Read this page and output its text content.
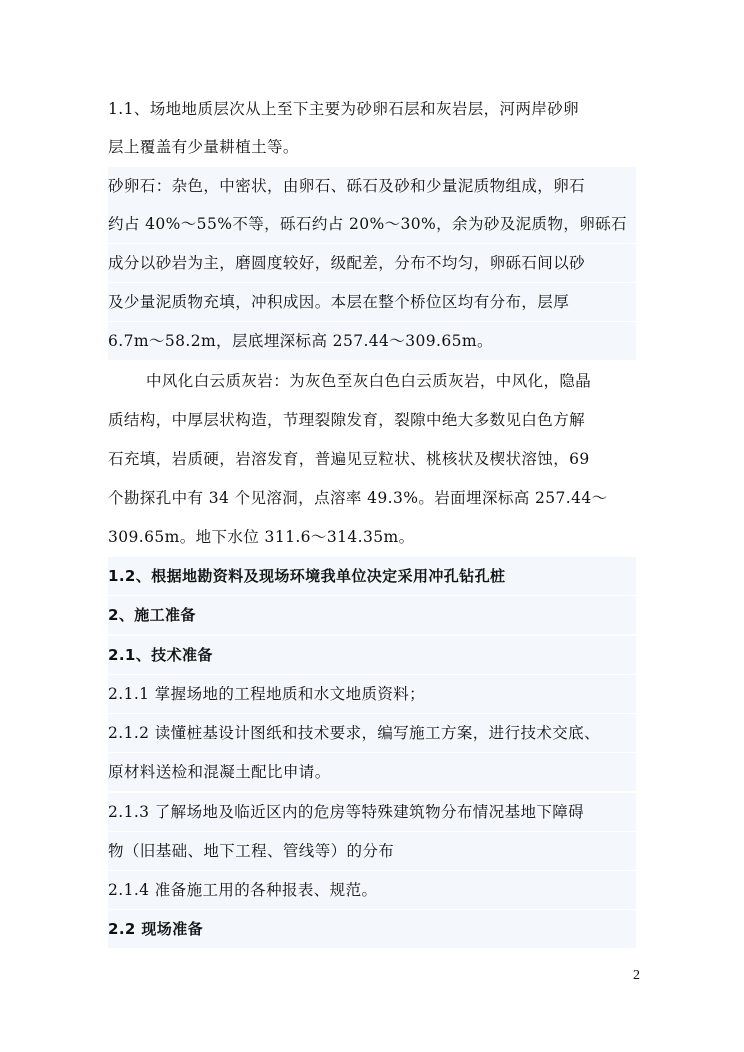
1.1、场地地质层次从上至下主要为砂卵石层和灰岩层，河两岸砂卵
层上覆盖有少量耕植土等。
砂卵石：杂色，中密状，由卵石、砾石及砂和少量泥质物组成，卵石
约占 40%～55%不等，砾石约占 20%～30%，余为砂及泥质物，卵砾石
成分以砂岩为主，磨圆度较好，级配差，分布不均匀，卵砾石间以砂
及少量泥质物充填，冲积成因。本层在整个桥位区均有分布，层厚
6.7m～58.2m，层底埋深标高 257.44～309.65m。
中风化白云质灰岩：为灰色至灰白色白云质灰岩，中风化，隐晶
质结构，中厚层状构造，节理裂隙发育，裂隙中绝大多数见白色方解
石充填，岩质硬，岩溶发育，普遍见豆粒状、桃核状及楔状溶蚀，69
个勘探孔中有 34 个见溶洞，点溶率 49.3%。岩面埋深标高 257.44～
309.65m。地下水位 311.6～314.35m。
1.2、根据地勘资料及现场环境我单位决定采用冲孔钻孔桩
2、施工准备
2.1、技术准备
2.1.1 掌握场地的工程地质和水文地质资料；
2.1.2 读懂桩基设计图纸和技术要求，编写施工方案，进行技术交底、
原材料送检和混凝土配比申请。
2.1.3 了解场地及临近区内的危房等特殊建筑物分布情况基地下障碍
物（旧基础、地下工程、管线等）的分布
2.1.4 准备施工用的各种报表、规范。
2.2 现场准备
2
